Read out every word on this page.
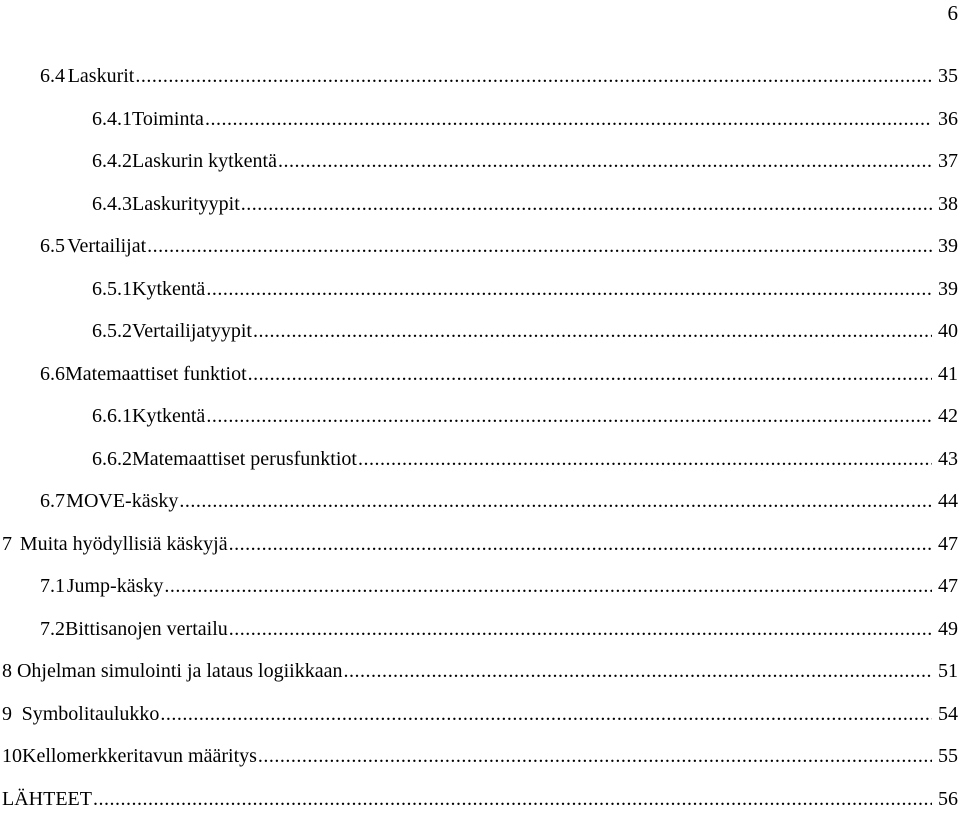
6
6.4 Laskurit .....	35
6.4.1 Toiminta .....	36
6.4.2 Laskurin kytkentä .....	37
6.4.3 Laskurityypit .....	38
6.5 Vertailijat .....	39
6.5.1 Kytkentä .....	39
6.5.2 Vertailijatyypit .....	40
6.6 Matemaattiset funktiot .....	41
6.6.1 Kytkentä .....	42
6.6.2 Matemaattiset perusfunktiot .....	43
6.7 MOVE-käsky .....	44
7 Muita hyödyllisiä käskyjä .....	47
7.1 Jump-käsky .....	47
7.2 Bittisanojen vertailu .....	49
8 Ohjelman simulointi ja lataus logiikkaan .....	51
9 Symbolitaulukko .....	54
10 Kellomerkkeritavun määritys .....	55
LÄHTEET .....	56
